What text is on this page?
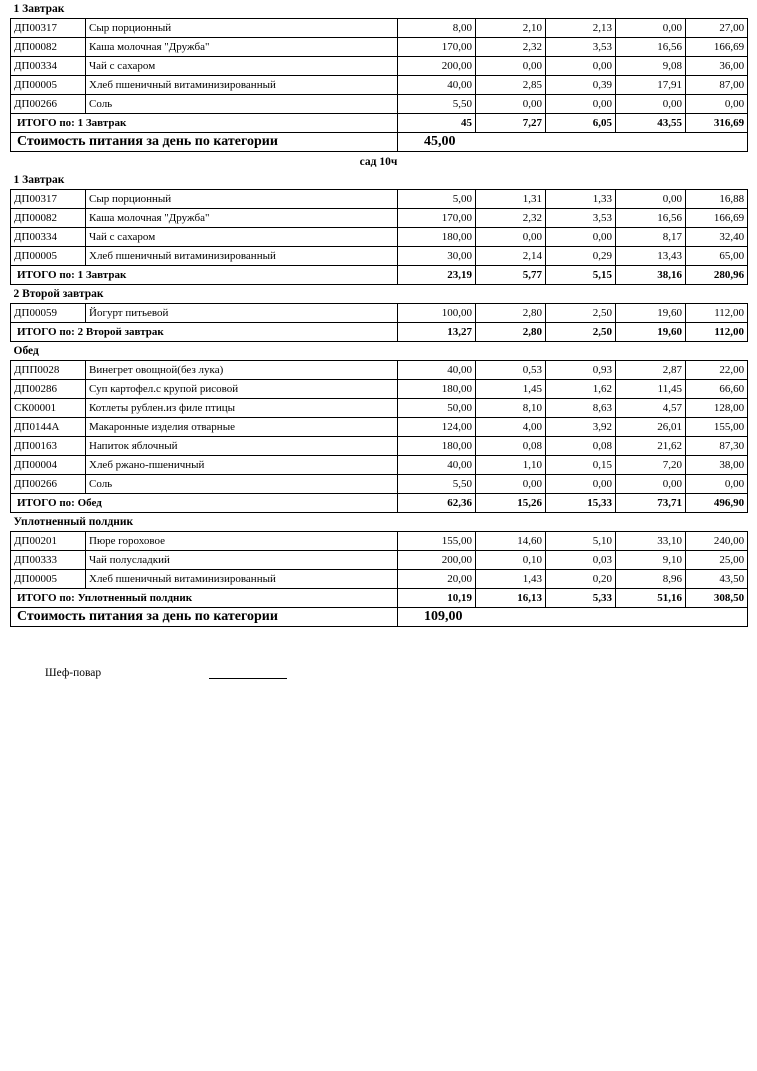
1 Завтрак						
ДП00317	Сыр порционный	8,00	2,10	2,13	0,00	27,00
ДП00082	Каша молочная "Дружба"	170,00	2,32	3,53	16,56	166,69
ДП00334	Чай с сахаром	200,00	0,00	0,00	9,08	36,00
ДП00005	Хлеб пшеничный витаминизированный	40,00	2,85	0,39	17,91	87,00
ДП00266	Соль	5,50	0,00	0,00	0,00	0,00
ИТОГО по: 1 Завтрак		45	7,27	6,05	43,55	316,69
Стоимость питания за день по категории		45,00				
сад 10ч
1 Завтрак						
ДП00317	Сыр порционный	5,00	1,31	1,33	0,00	16,88
ДП00082	Каша молочная "Дружба"	170,00	2,32	3,53	16,56	166,69
ДП00334	Чай с сахаром	180,00	0,00	0,00	8,17	32,40
ДП00005	Хлеб пшеничный витаминизированный	30,00	2,14	0,29	13,43	65,00
ИТОГО по: 1 Завтрак		23,19	5,77	5,15	38,16	280,96
2 Второй завтрак						
ДП00059	Йогурт питьевой	100,00	2,80	2,50	19,60	112,00
ИТОГО по: 2 Второй завтрак		13,27	2,80	2,50	19,60	112,00
Обед						
ДПП0028	Винегрет овощной(без лука)	40,00	0,53	0,93	2,87	22,00
ДП00286	Суп картофел.с крупой рисовой	180,00	1,45	1,62	11,45	66,60
СК00001	Котлеты рублен.из филе птицы	50,00	8,10	8,63	4,57	128,00
ДП0144А	Макаронные изделия отварные	124,00	4,00	3,92	26,01	155,00
ДП00163	Напиток яблочный	180,00	0,08	0,08	21,62	87,30
ДП00004	Хлеб ржано-пшеничный	40,00	1,10	0,15	7,20	38,00
ДП00266	Соль	5,50	0,00	0,00	0,00	0,00
ИТОГО по: Обед		62,36	15,26	15,33	73,71	496,90
Уплотненный полдник						
ДП00201	Пюре гороховое	155,00	14,60	5,10	33,10	240,00
ДП00333	Чай полусладкий	200,00	0,10	0,03	9,10	25,00
ДП00005	Хлеб пшеничный витаминизированный	20,00	1,43	0,20	8,96	43,50
ИТОГО по: Уплотненный полдник		10,19	16,13	5,33	51,16	308,50
Стоимость питания за день по категории		109,00				
Шеф-повар
